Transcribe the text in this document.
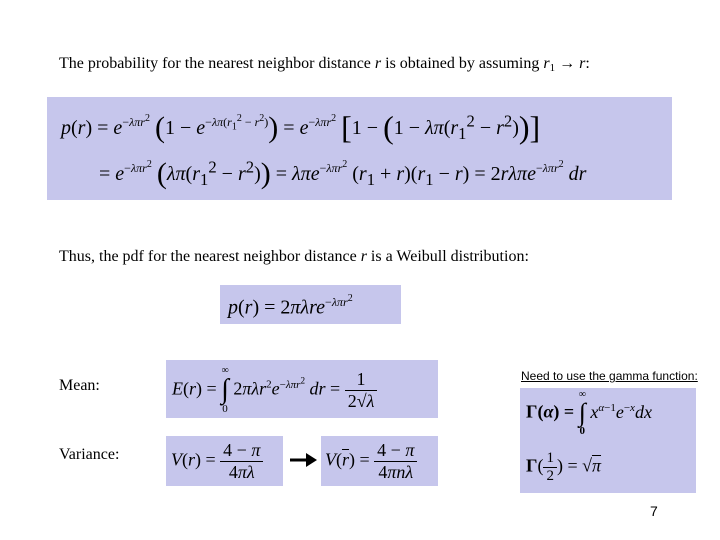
The probability for the nearest neighbor distance r is obtained by assuming r1 → r:
$p(r) = e^{-\lambda\pi r^2}$ $(1 - e^{-\lambda\pi(r_1^2 - r^2)}) = e^{-\lambda\pi r^2}$ $[1 - (1 - \lambda\pi(r_1^2 - r^2))]$
= $e^{-\lambda\pi r^2}$ $(\lambda\pi(r_1^2 - r^2)) = \lambda\pi e^{-\lambda\pi r^2}$ $(r_1 + r)(r_1 - r) = 2r\lambda\pi e^{-\lambda\pi r^2}$ dr
Thus, the pdf for the nearest neighbor distance r is a Weibull distribution:
p(r) = 2πλre$^{-\lambda\pi r^2}$
Mean:	E(r) =
∞
∫
0
$2\pi\lambda r^2e^{-\lambda\pi r^2}$ dr = $\frac{1}{2√\lambda}$
Variance:	$V(r) = \frac{4 - \pi}{4\pi\lambda}$	$V(\overline{r}) = \frac{4 - \pi}{\text{4πnλ}}$
Need to use the gamma function:
Γ(α) =
∞
∫
0
$x^{\alpha-1}e^{-x}dx$
$\Gamma( \frac{1}{2}$ ) = √π
7
